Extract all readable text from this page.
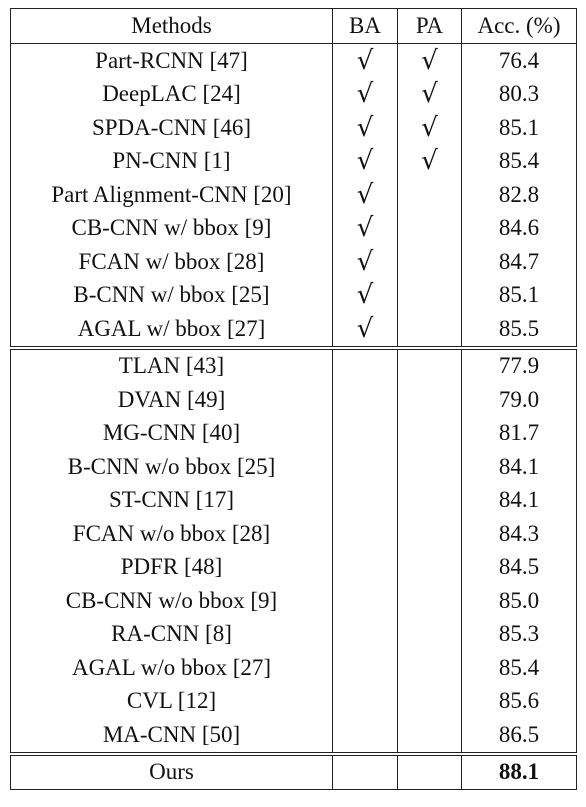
Methods	BA	PA	Acc. (%)
Part-RCNN [47]	√	√	76.4
DeepLAC [24]	√	√	80.3
SPDA-CNN [46]	√	√	85.1
PN-CNN [1]	√	√	85.4
Part Alignment-CNN [20]	√		82.8
CB-CNN w/ bbox [9]	√		84.6
FCAN w/ bbox [28]	√		84.7
B-CNN w/ bbox [25]	√		85.1
AGAL w/ bbox [27]	√		85.5
TLAN [43]			77.9
DVAN [49]			79.0
MG-CNN [40]			81.7
B-CNN w/o bbox [25]			84.1
ST-CNN [17]			84.1
FCAN w/o bbox [28]			84.3
PDFR [48]			84.5
CB-CNN w/o bbox [9]			85.0
RA-CNN [8]			85.3
AGAL w/o bbox [27]			85.4
CVL [12]			85.6
MA-CNN [50]			86.5
Ours			88.1
